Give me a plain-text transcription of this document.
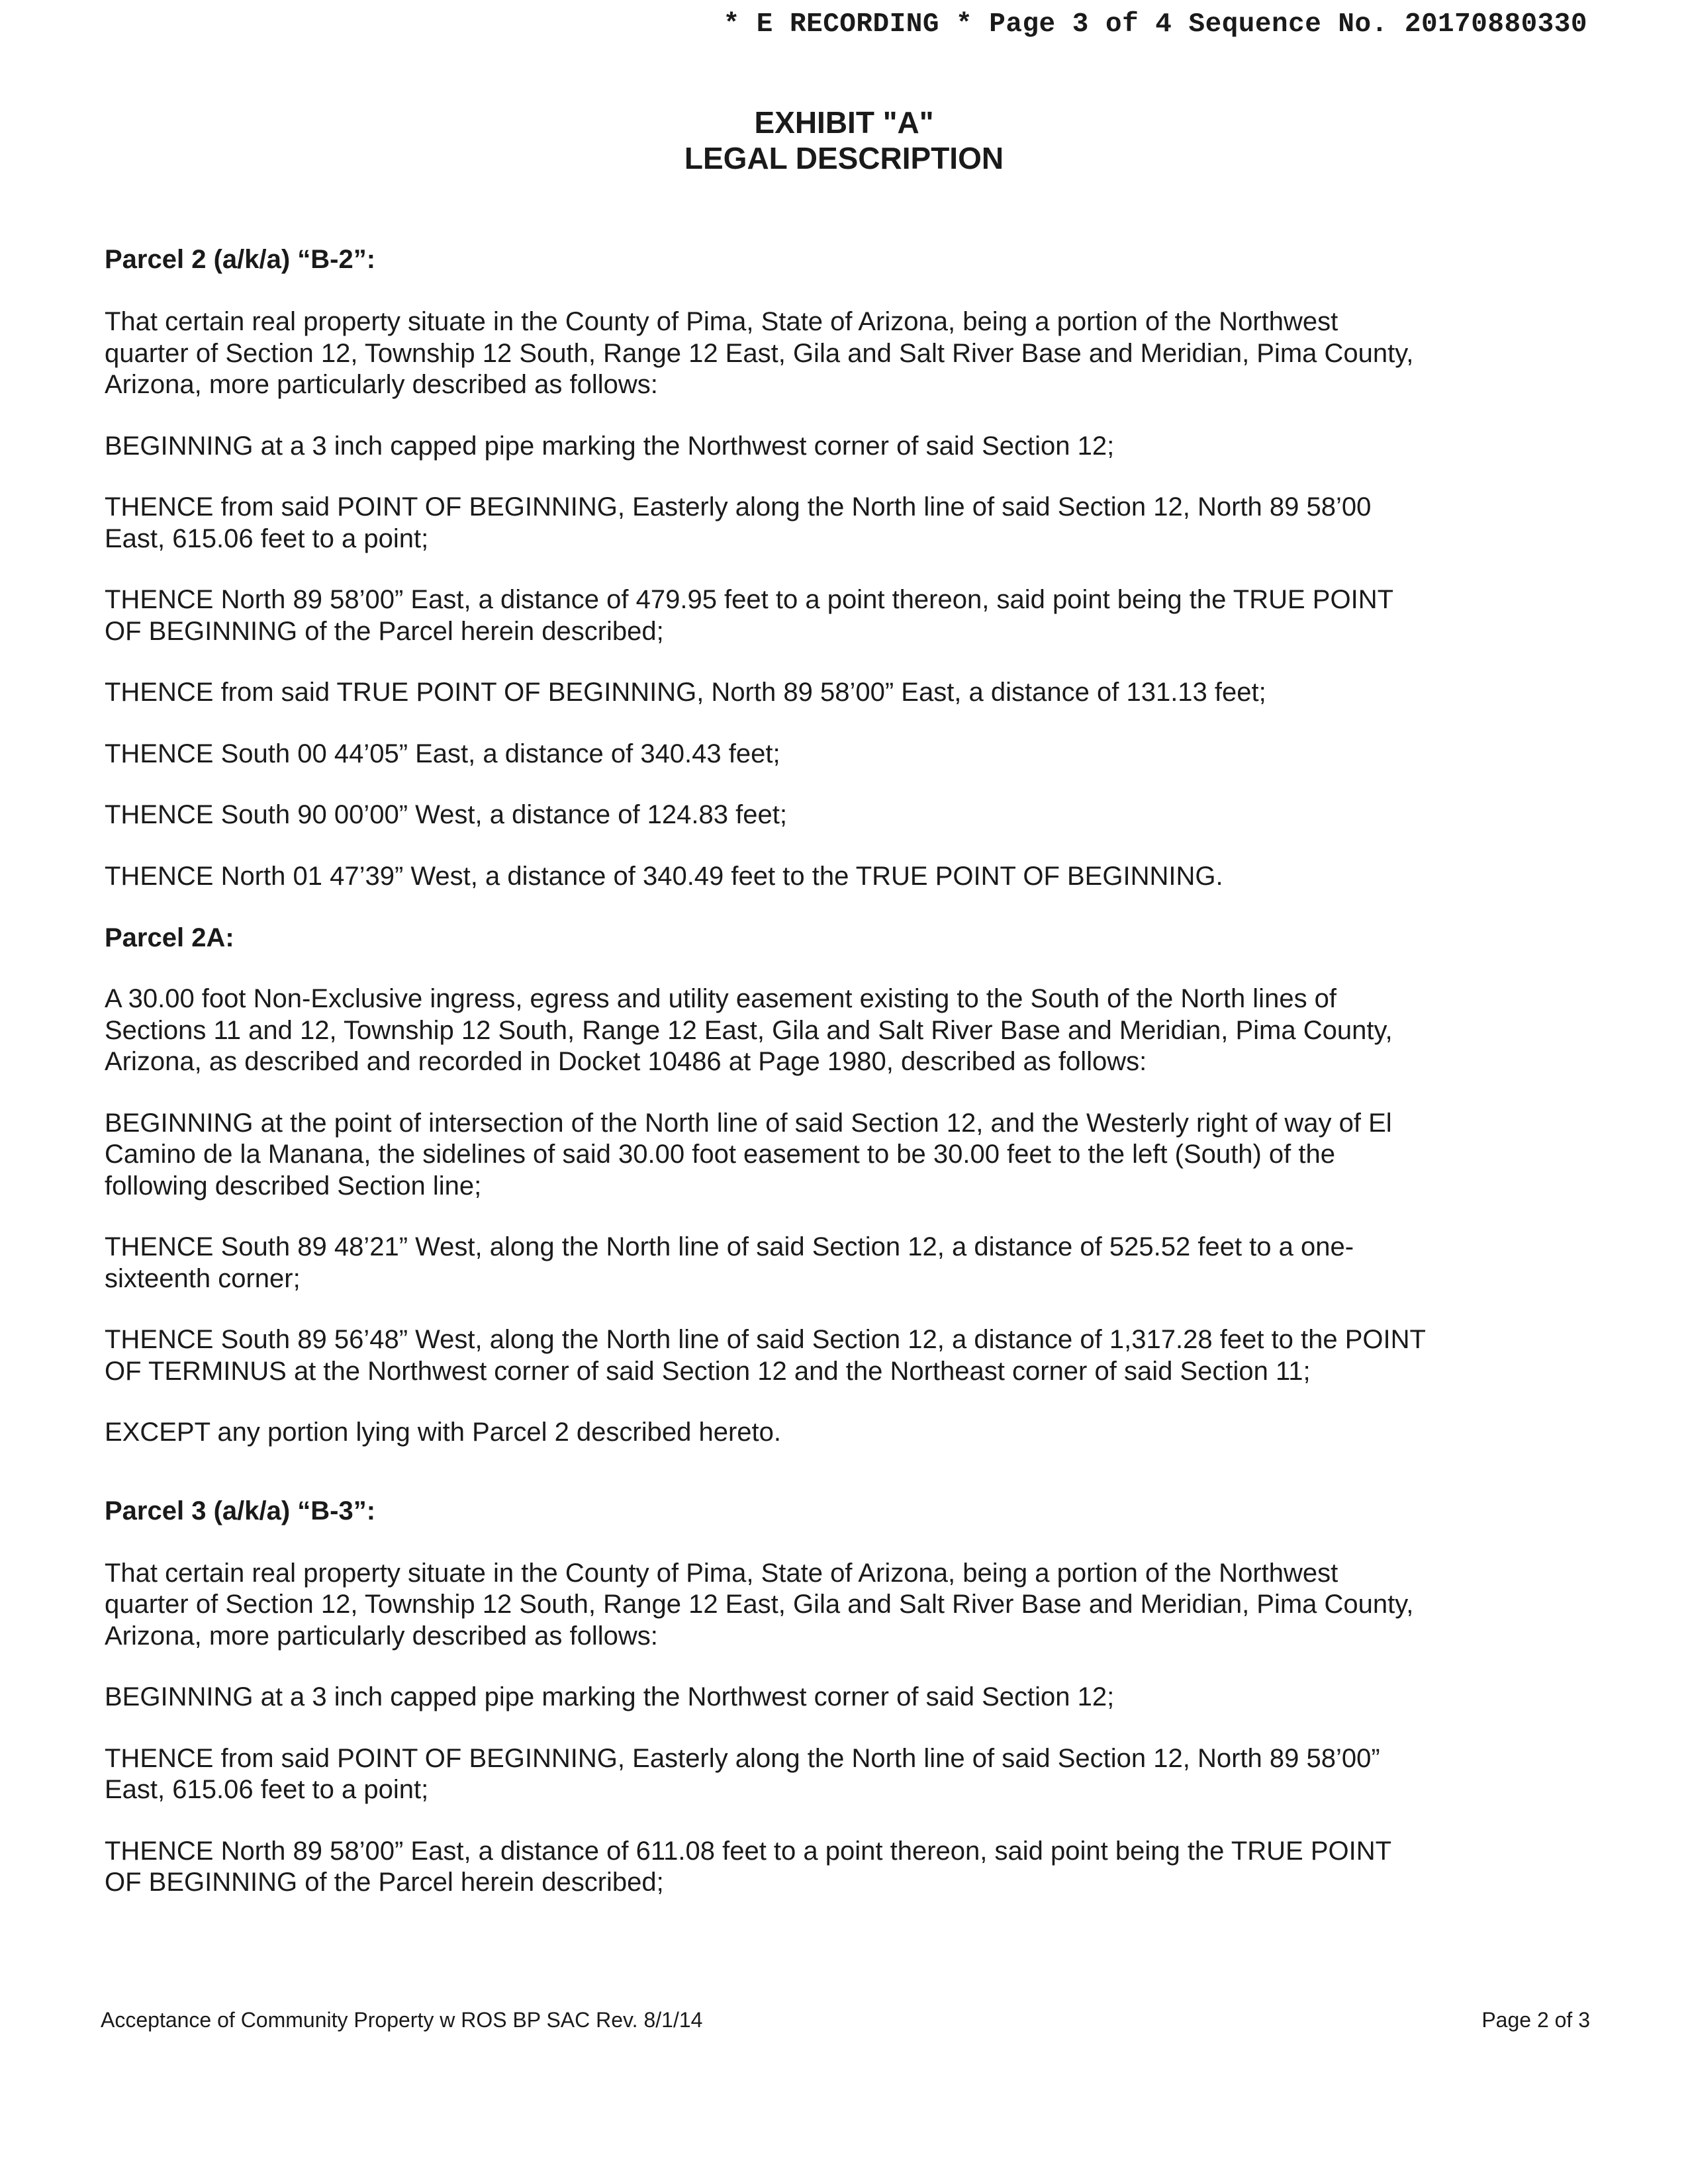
* E RECORDING * Page 3 of 4 Sequence No. 20170880330
EXHIBIT "A"
LEGAL DESCRIPTION
Parcel 2 (a/k/a) “B-2”:

That certain real property situate in the County of Pima, State of Arizona, being a portion of the Northwest quarter of Section 12, Township 12 South, Range 12 East, Gila and Salt River Base and Meridian, Pima County, Arizona, more particularly described as follows:

BEGINNING at a 3 inch capped pipe marking the Northwest corner of said Section 12;

THENCE from said POINT OF BEGINNING, Easterly along the North line of said Section 12, North 89 58’00 East, 615.06 feet to a point;

THENCE North 89 58’00” East, a distance of 479.95 feet to a point thereon, said point being the TRUE POINT OF BEGINNING of the Parcel herein described;

THENCE from said TRUE POINT OF BEGINNING, North 89 58’00” East, a distance of 131.13 feet;

THENCE South 00 44’05” East, a distance of 340.43 feet;

THENCE South 90 00’00” West, a distance of 124.83 feet;

THENCE North 01 47’39” West, a distance of 340.49 feet to the TRUE POINT OF BEGINNING.

Parcel 2A:

A 30.00 foot Non-Exclusive ingress, egress and utility easement existing to the South of the North lines of Sections 11 and 12, Township 12 South, Range 12 East, Gila and Salt River Base and Meridian, Pima County, Arizona, as described and recorded in Docket 10486 at Page 1980, described as follows:

BEGINNING at the point of intersection of the North line of said Section 12, and the Westerly right of way of El Camino de la Manana, the sidelines of said 30.00 foot easement to be 30.00 feet to the left (South) of the following described Section line;

THENCE South 89 48’21” West, along the North line of said Section 12, a distance of 525.52 feet to a one-sixteenth corner;

THENCE South 89 56’48” West, along the North line of said Section 12, a distance of 1,317.28 feet to the POINT OF TERMINUS at the Northwest corner of said Section 12 and the Northeast corner of said Section 11;

EXCEPT any portion lying with Parcel 2 described hereto.

Parcel 3 (a/k/a) “B-3”:

That certain real property situate in the County of Pima, State of Arizona, being a portion of the Northwest quarter of Section 12, Township 12 South, Range 12 East, Gila and Salt River Base and Meridian, Pima County, Arizona, more particularly described as follows:

BEGINNING at a 3 inch capped pipe marking the Northwest corner of said Section 12;

THENCE from said POINT OF BEGINNING, Easterly along the North line of said Section 12, North 89 58’00” East, 615.06 feet to a point;

THENCE North 89 58’00” East, a distance of 611.08 feet to a point thereon, said point being the TRUE POINT OF BEGINNING of the Parcel herein described;

Acceptance of Community Property w ROS BP SAC Rev. 8/1/14	Page 2 of 3
